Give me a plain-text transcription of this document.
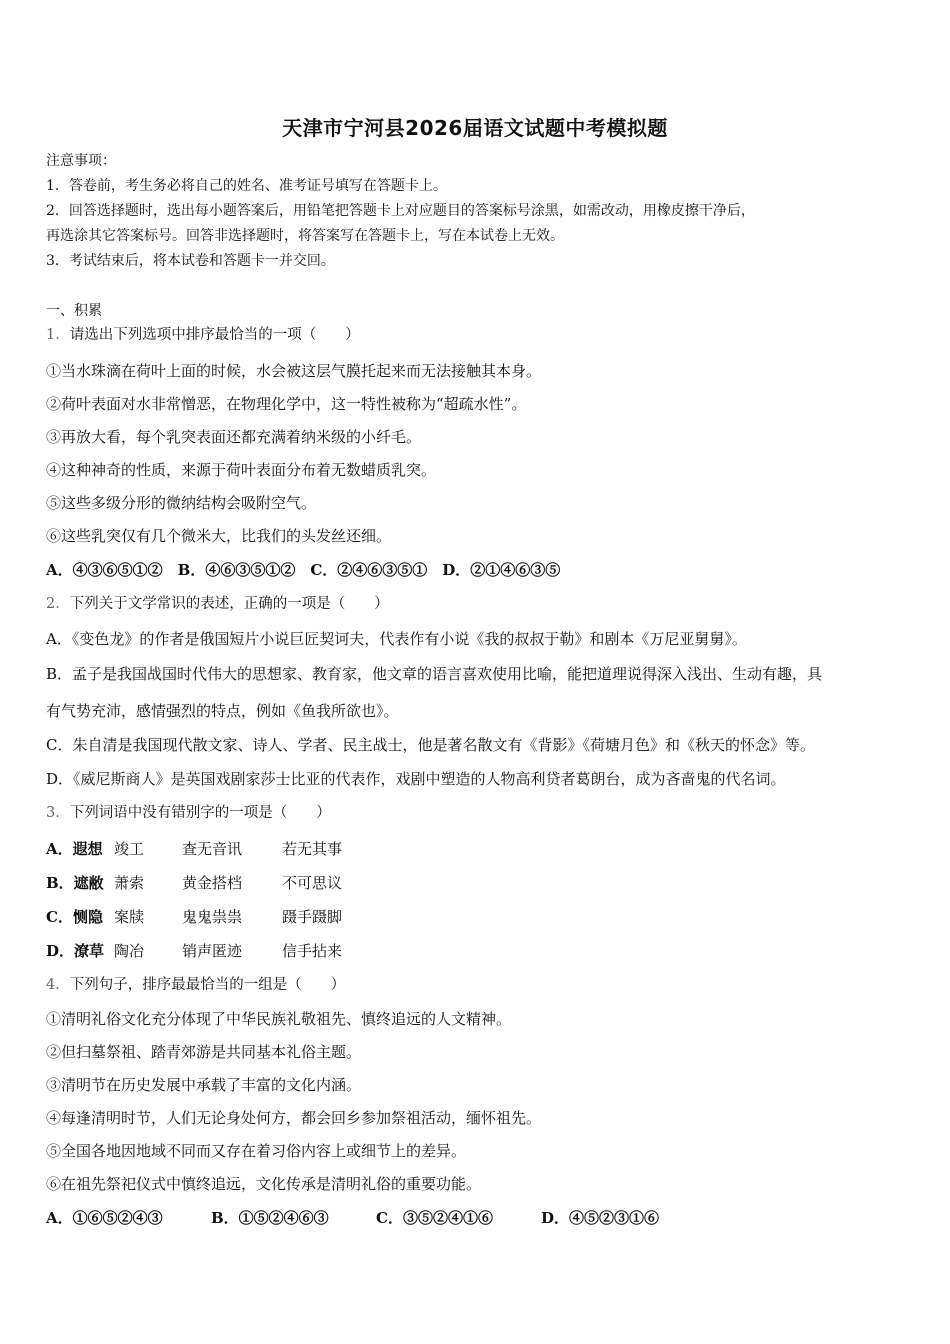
天津市宁河县2026届语文试题中考模拟题
注意事项：
1．答卷前，考生务必将自己的姓名、准考证号填写在答题卡上。
2．回答选择题时，选出每小题答案后，用铅笔把答题卡上对应题目的答案标号涂黑，如需改动，用橡皮擦干净后，
再选涂其它答案标号。回答非选择题时，将答案写在答题卡上，写在本试卷上无效。
3．考试结束后，将本试卷和答题卡一并交回。
一、积累
1．请选出下列选项中排序最恰当的一项（　　）
①当水珠滴在荷叶上面的时候，水会被这层气膜托起来而无法接触其本身。
②荷叶表面对水非常憎恶，在物理化学中，这一特性被称为“超疏水性”。
③再放大看，每个乳突表面还都充满着纳米级的小纤毛。
④这种神奇的性质，来源于荷叶表面分布着无数蜡质乳突。
⑤这些多级分形的微纳结构会吸附空气。
⑥这些乳突仅有几个微米大，比我们的头发丝还细。
A．④③⑥⑤①②　B．④⑥③⑤①②　C．②④⑥③⑤①　D．②①④⑥③⑤
2．下列关于文学常识的表述，正确的一项是（　　）
A．《变色龙》的作者是俄国短片小说巨匠契诃夫，代表作有小说《我的叔叔于勒》和剧本《万尼亚舅舅》。
B．孟子是我国战国时代伟大的思想家、教育家，他文章的语言喜欢使用比喻，能把道理说得深入浅出、生动有趣，具
有气势充沛，感情强烈的特点，例如《鱼我所欲也》。
C．朱自清是我国现代散文家、诗人、学者、民主战士，他是著名散文有《背影》《荷塘月色》和《秋天的怀念》等。
D．《威尼斯商人》是英国戏剧家莎士比亚的代表作，戏剧中塑造的人物高利贷者葛朗台，成为吝啬鬼的代名词。
3．下列词语中没有错别字的一项是（　　）
A．遐想 竣工	查无音讯	若无其事
B．遮敝 萧索	黄金搭档	不可思议
C．恻隐 案牍	鬼鬼祟祟	蹑手蹑脚
D．潦草 陶冶	销声匿迹	信手拈来
4．下列句子，排序最最恰当的一组是（　　）
①清明礼俗文化充分体现了中华民族礼敬祖先、慎终追远的人文精神。
②但扫墓祭祖、踏青郊游是共同基本礼俗主题。
③清明节在历史发展中承载了丰富的文化内涵。
④每逢清明时节，人们无论身处何方，都会回乡参加祭祖活动，缅怀祖先。
⑤全国各地因地域不同而又存在着习俗内容上或细节上的差异。
⑥在祖先祭祀仪式中慎终追远，文化传承是清明礼俗的重要功能。
A．①⑥⑤②④③	B．①⑤②④⑥③	C．③⑤②④①⑥	D．④⑤②③①⑥
